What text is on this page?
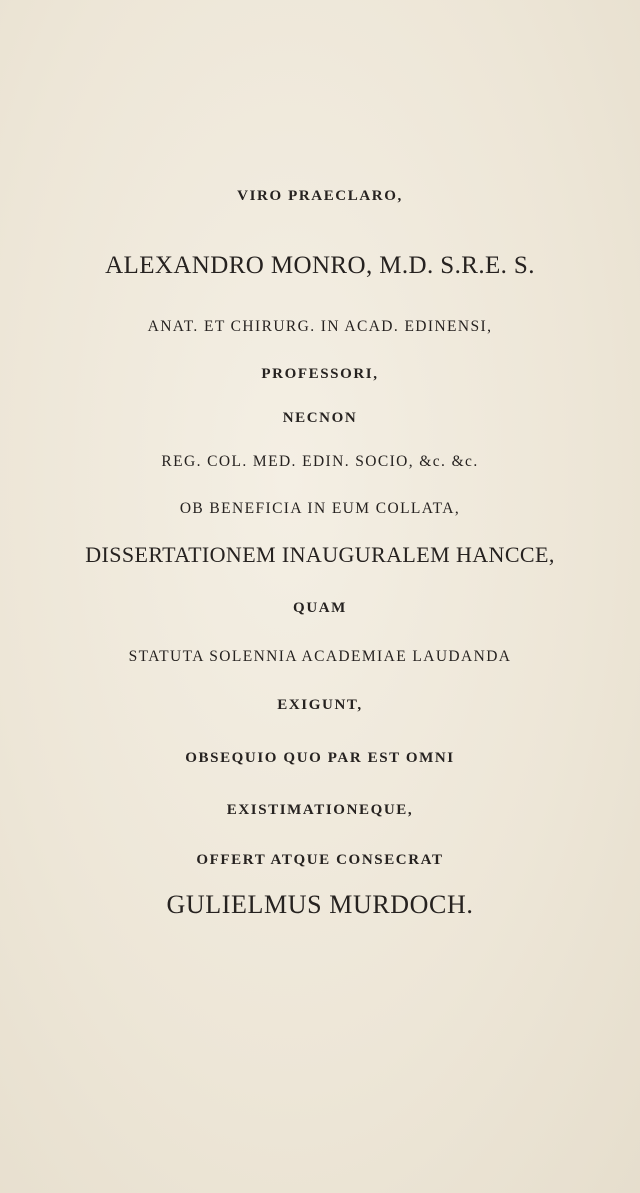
VIRO PRAECLARO,
ALEXANDRO MONRO, M.D. S.R.E. S.
ANAT. ET CHIRURG. IN ACAD. EDINENSI,
PROFESSORI,
NECNON
REG. COL. MED. EDIN. SOCIO, &c. &c.
OB BENEFICIA IN EUM COLLATA,
DISSERTATIONEM INAUGURALEM HANCCE,
QUAM
STATUTA SOLENNIA ACADEMIAE LAUDANDA
EXIGUNT,
OBSEQUIO QUO PAR EST OMNI
EXISTIMATIONEQUE,
OFFERT ATQUE CONSECRAT
GULIELMUS MURDOCH.
